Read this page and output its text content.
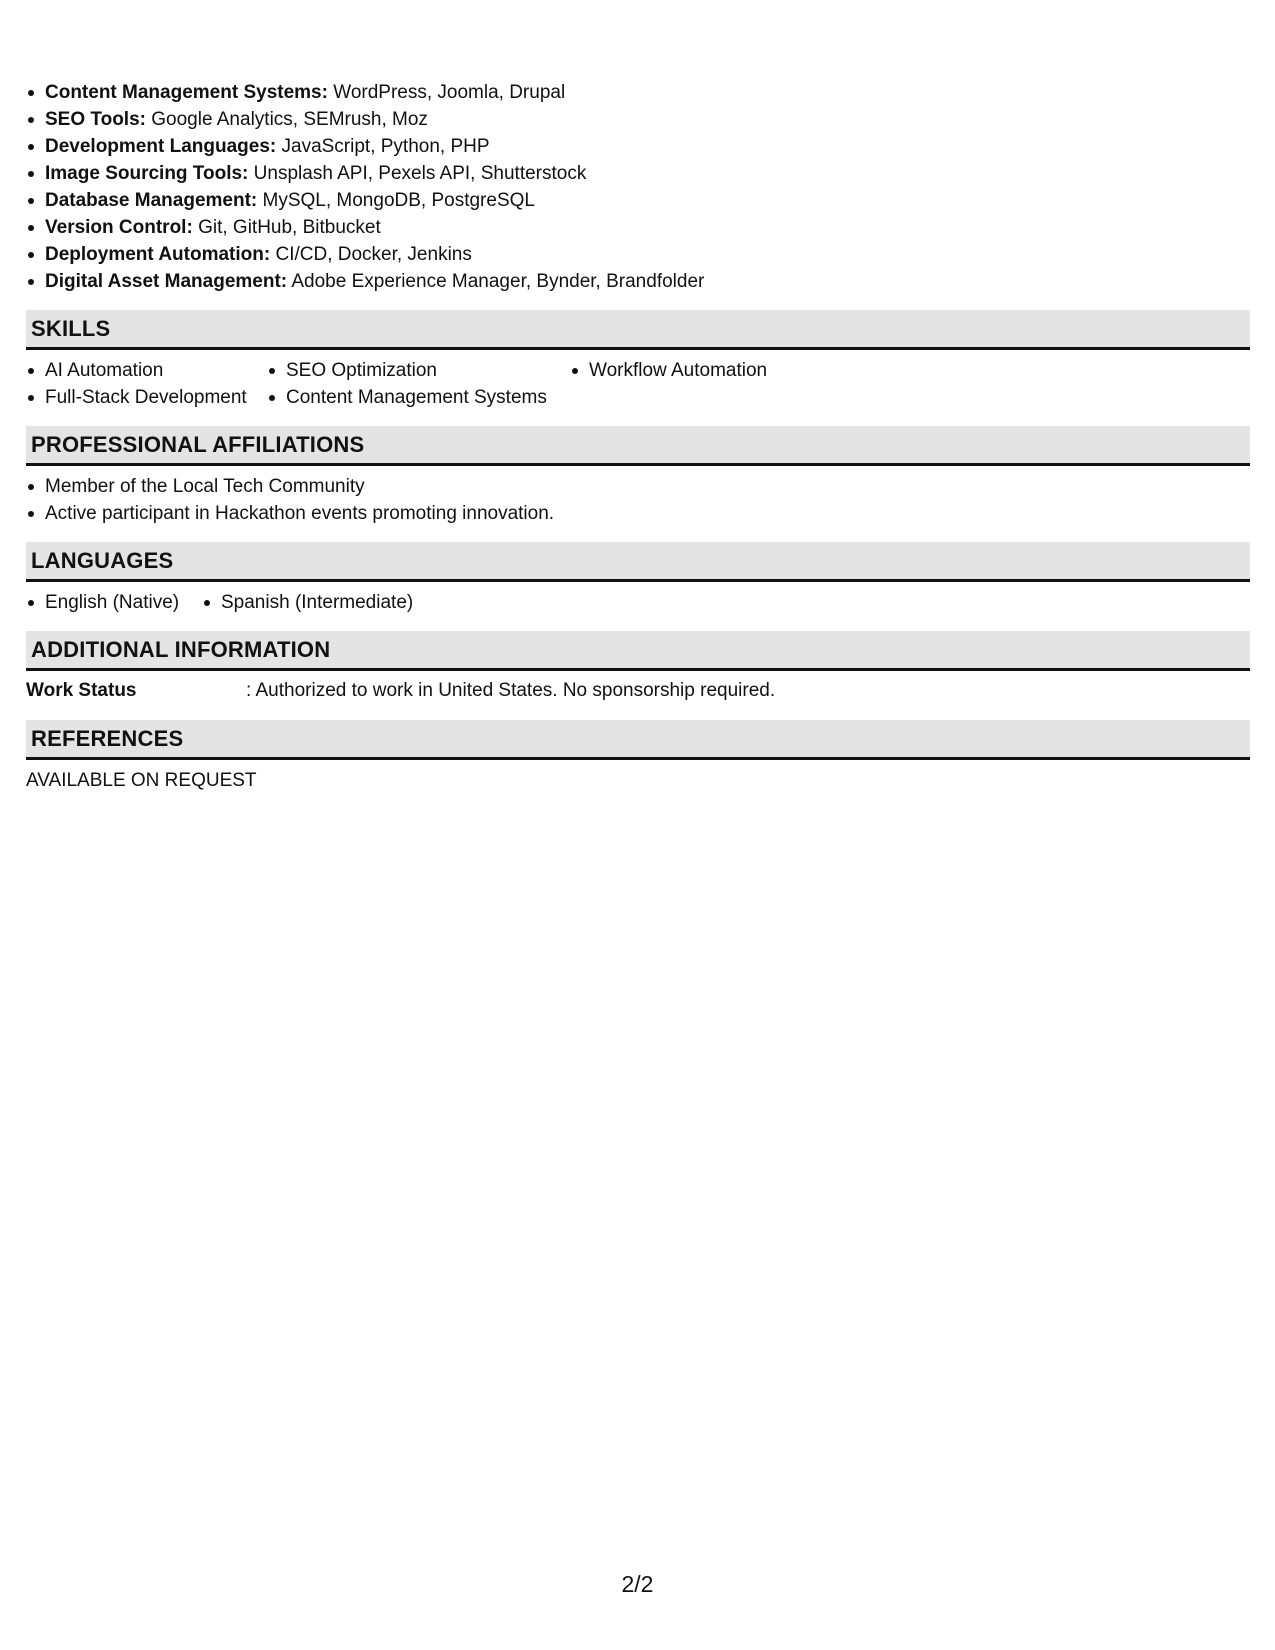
Content Management Systems: WordPress, Joomla, Drupal
SEO Tools: Google Analytics, SEMrush, Moz
Development Languages: JavaScript, Python, PHP
Image Sourcing Tools: Unsplash API, Pexels API, Shutterstock
Database Management: MySQL, MongoDB, PostgreSQL
Version Control: Git, GitHub, Bitbucket
Deployment Automation: CI/CD, Docker, Jenkins
Digital Asset Management: Adobe Experience Manager, Bynder, Brandfolder
SKILLS
AI Automation	SEO Optimization	Workflow Automation
Full-Stack Development	Content Management Systems
PROFESSIONAL AFFILIATIONS
Member of the Local Tech Community
Active participant in Hackathon events promoting innovation.
LANGUAGES
English (Native)	Spanish (Intermediate)
ADDITIONAL INFORMATION
Work Status	: Authorized to work in United States. No sponsorship required.
REFERENCES
AVAILABLE ON REQUEST
2/2
